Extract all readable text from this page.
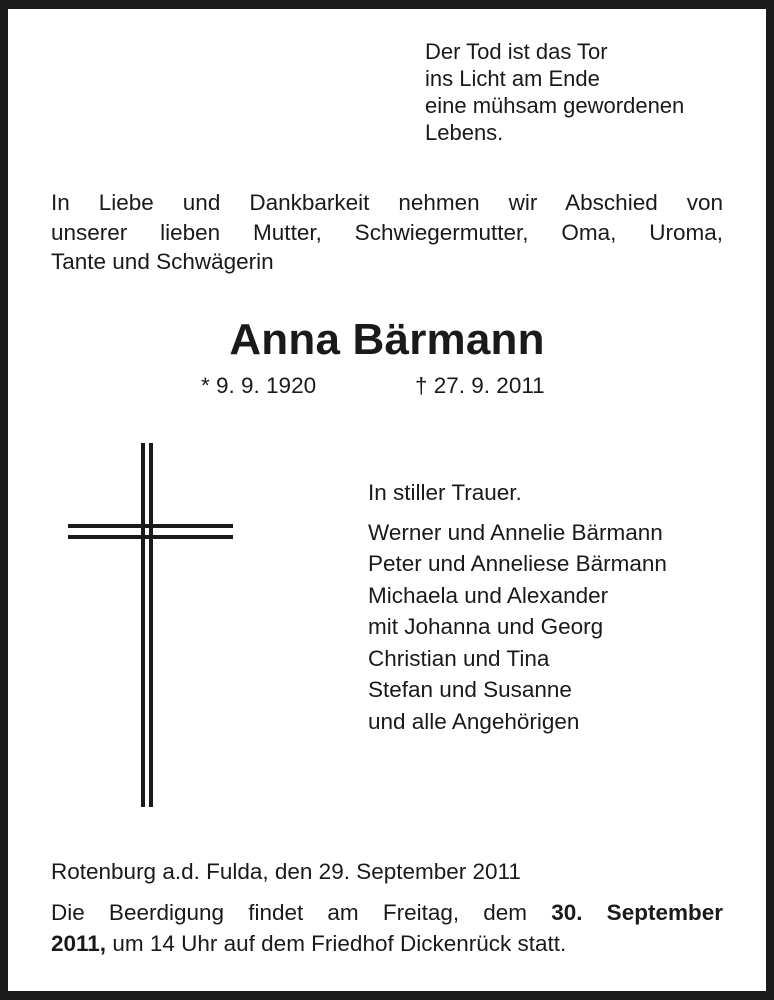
Der Tod ist das Tor
ins Licht am Ende
eine mühsam gewordenen
Lebens.
In Liebe und Dankbarkeit nehmen wir Abschied von
unserer lieben Mutter, Schwiegermutter, Oma, Uroma,
Tante und Schwägerin
Anna Bärmann
* 9. 9. 1920	† 27. 9. 2011
In stiller Trauer.
Werner und Annelie Bärmann
Peter und Anneliese Bärmann
Michaela und Alexander
mit Johanna und Georg
Christian und Tina
Stefan und Susanne
und alle Angehörigen
Rotenburg a.d. Fulda, den 29. September 2011
Die Beerdigung findet am Freitag, dem 30. September
2011, um 14 Uhr auf dem Friedhof Dickenrück statt.
